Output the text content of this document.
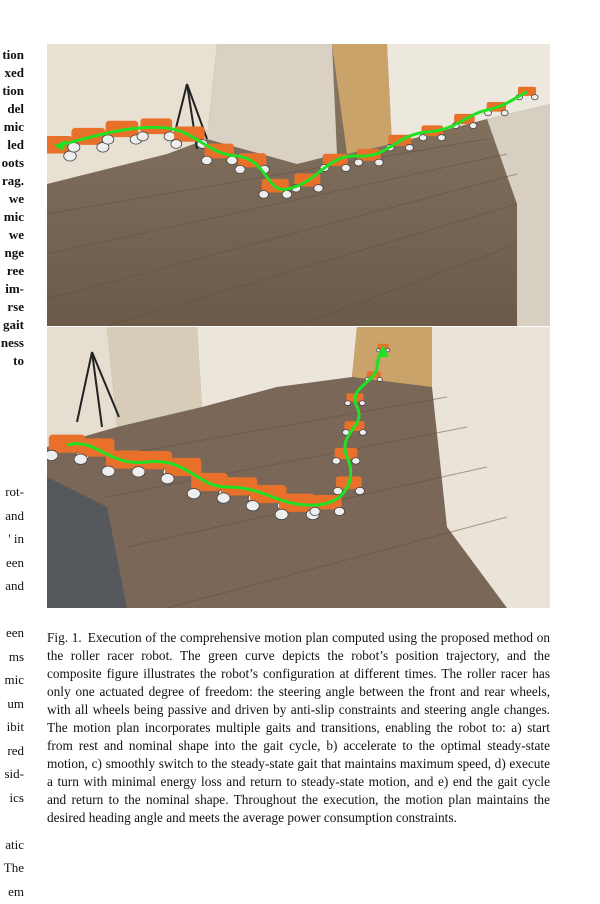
tion
xed
tion
del
mic
led
oots
rag.
we
mic
we
nge
ree
im-
rse
gait
ness
to
rot-
and
' in
een
and

een
ms
mic
um
ibit
red
sid-
ics

atic
The
em
Fig. 1. Execution of the comprehensive motion plan computed using the proposed method on the roller racer robot. The green curve depicts the robot’s position trajectory, and the composite figure illustrates the robot’s configuration at different times. The roller racer has only one actuated degree of freedom: the steering angle between the front and rear wheels, with all wheels being passive and driven by anti-slip constraints and steering angle changes. The motion plan incorporates multiple gaits and transitions, enabling the robot to: a) start from rest and nominal shape into the gait cycle, b) accelerate to the optimal steady-state motion, c) smoothly switch to the steady-state gait that maintains maximum speed, d) execute a turn with minimal energy loss and return to steady-state motion, and e) end the gait cycle and return to the nominal shape. Throughout the execution, the motion plan maintains the desired heading angle and meets the average power consumption constraints.
